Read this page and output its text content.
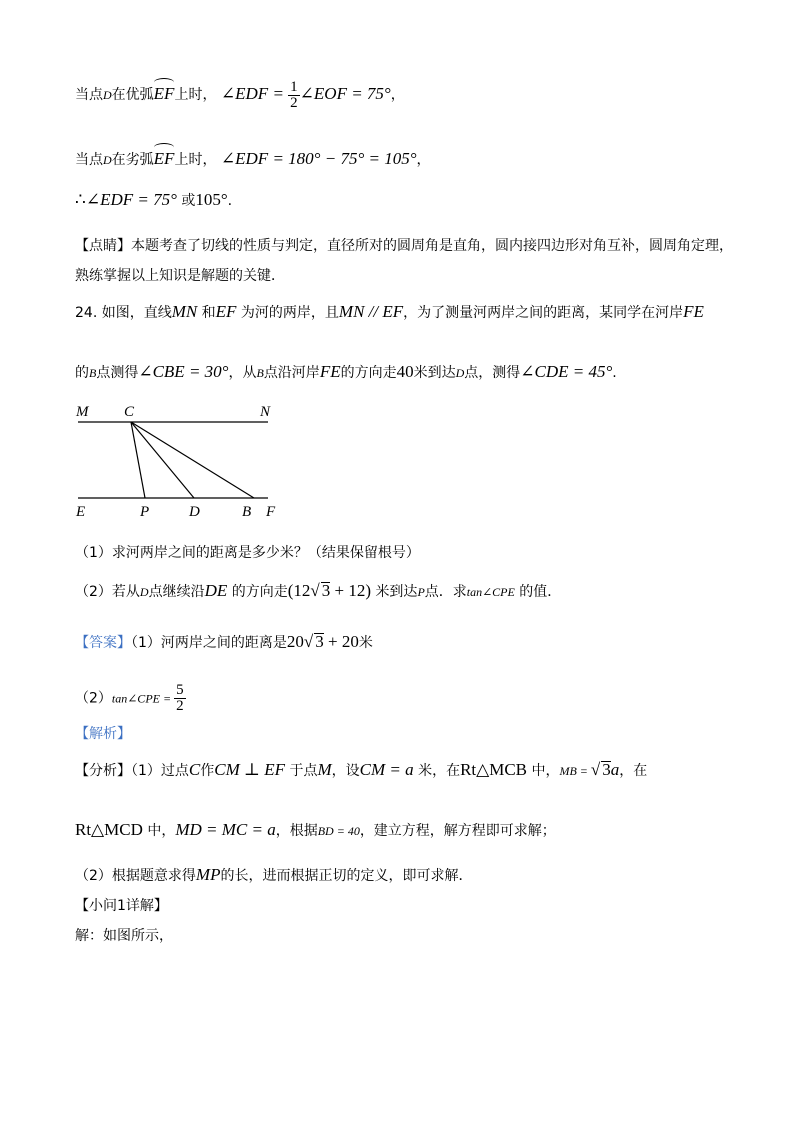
当点D在优弧EF上时， ∠EDF = $\frac{1}{2}$ ∠EOF = 75°，
当点D在劣弧EF上时， ∠EDF = 180° − 75° = 105°，
∴∠EDF = 75° 或105°.
【点睛】本题考查了切线的性质与判定，直径所对的圆周角是直角，圆内接四边形对角互补，圆周角定理，
熟练掌握以上知识是解题的关键．
24. 如图，直线MN 和EF 为河的两岸，且MN // EF，为了测量河两岸之间的距离，某同学在河岸FE
的B点测得∠CBE = 30°，从B点沿河岸FE的方向走40米到达D点，测得∠CDE = 45°.
M C	N
E	P	D	B F
（1）求河两岸之间的距离是多少米？（结果保留根号）
（2）若从D点继续沿DE 的方向走(12√ 3 + 12) 米到达P点．求tan∠CPE 的值．
【答案】（1）河两岸之间的距离是20√ 3 + 20米
（2）tan∠CPE = $\frac{5}{2}$
【解析】
【分析】（1）过点C作CM ⊥ EF 于点M，设CM = a 米，在Rt△MCB 中，MB = √ 3a，在
Rt△MCD 中，MD = MC = a，根据BD = 40，建立方程，解方程即可求解；
（2）根据题意求得MP的长，进而根据正切的定义，即可求解．
【小问1详解】
解：如图所示，
